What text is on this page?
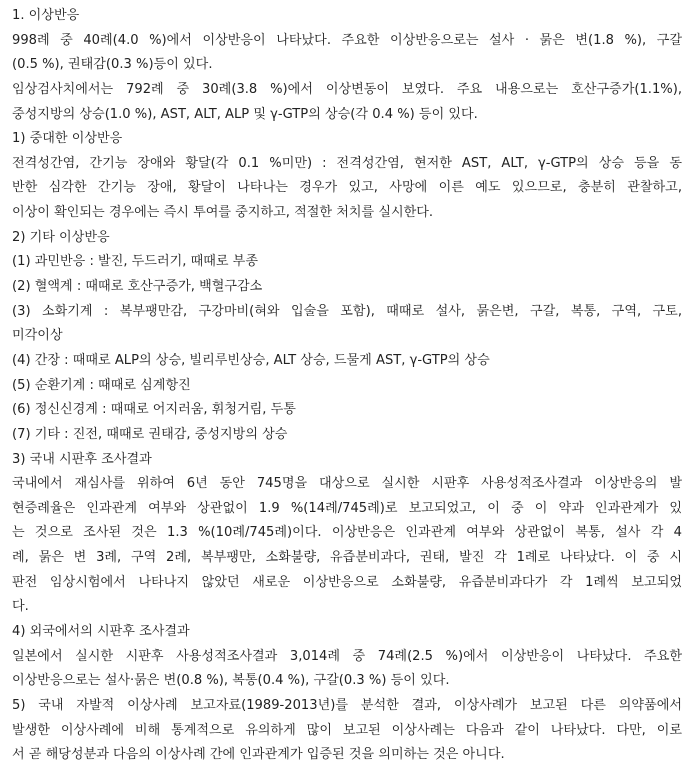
1. 이상반응
998례 중 40례(4.0 %)에서 이상반응이 나타났다. 주요한 이상반응으로는 설사 · 묽은 변(1.8 %), 구갈
(0.5 %), 권태감(0.3 %)등이 있다.
임상검사치에서는 792례 중 30례(3.8 %)에서 이상변동이 보였다. 주요 내용으로는 호산구증가(1.1%),
중성지방의 상승(1.0 %), AST, ALT, ALP 및 γ-GTP의 상승(각 0.4 %) 등이 있다.
1) 중대한 이상반응
전격성간염, 간기능 장애와 황달(각 0.1 %미만) : 전격성간염, 현저한 AST, ALT, γ-GTP의 상승 등을 동
반한 심각한 간기능 장애, 황달이 나타나는 경우가 있고, 사망에 이른 예도 있으므로, 충분히 관찰하고,
이상이 확인되는 경우에는 즉시 투여를 중지하고, 적절한 처치를 실시한다.
2) 기타 이상반응
(1) 과민반응 : 발진, 두드러기, 때때로 부종
(2) 혈액계 : 때때로 호산구증가, 백혈구감소
(3) 소화기계 : 복부팽만감, 구강마비(혀와 입술을 포함), 때때로 설사, 묽은변, 구갈, 복통, 구역, 구토,
미각이상
(4) 간장 : 때때로 ALP의 상승, 빌리루빈상승, ALT 상승, 드물게 AST, γ-GTP의 상승
(5) 순환기계 : 때때로 심계항진
(6) 정신신경계 : 때때로 어지러움, 휘청거림, 두통
(7) 기타 : 진전, 때때로 권태감, 중성지방의 상승
3) 국내 시판후 조사결과
국내에서 재심사를 위하여 6년 동안 745명을 대상으로 실시한 시판후 사용성적조사결과 이상반응의 발
현증례율은 인과관계 여부와 상관없이 1.9 %(14례/745례)로 보고되었고, 이 중 이 약과 인과관계가 있
는 것으로 조사된 것은 1.3 %(10례/745례)이다. 이상반응은 인과관계 여부와 상관없이 복통, 설사 각 4
례, 묽은 변 3례, 구역 2례, 복부팽만, 소화불량, 유즙분비과다, 권태, 발진 각 1례로 나타났다. 이 중 시
판전 임상시험에서 나타나지 않았던 새로운 이상반응으로 소화불량, 유즙분비과다가 각 1례씩 보고되었
다.
4) 외국에서의 시판후 조사결과
일본에서 실시한 시판후 사용성적조사결과 3,014례 중 74례(2.5 %)에서 이상반응이 나타났다. 주요한
이상반응으로는 설사·묽은 변(0.8 %), 복통(0.4 %), 구갈(0.3 %) 등이 있다.
5) 국내 자발적 이상사례 보고자료(1989-2013년)를 분석한 결과, 이상사례가 보고된 다른 의약품에서
발생한 이상사례에 비해 통계적으로 유의하게 많이 보고된 이상사례는 다음과 같이 나타났다. 다만, 이로
서 곧 해당성분과 다음의 이상사례 간에 인과관계가 입증된 것을 의미하는 것은 아니다.
